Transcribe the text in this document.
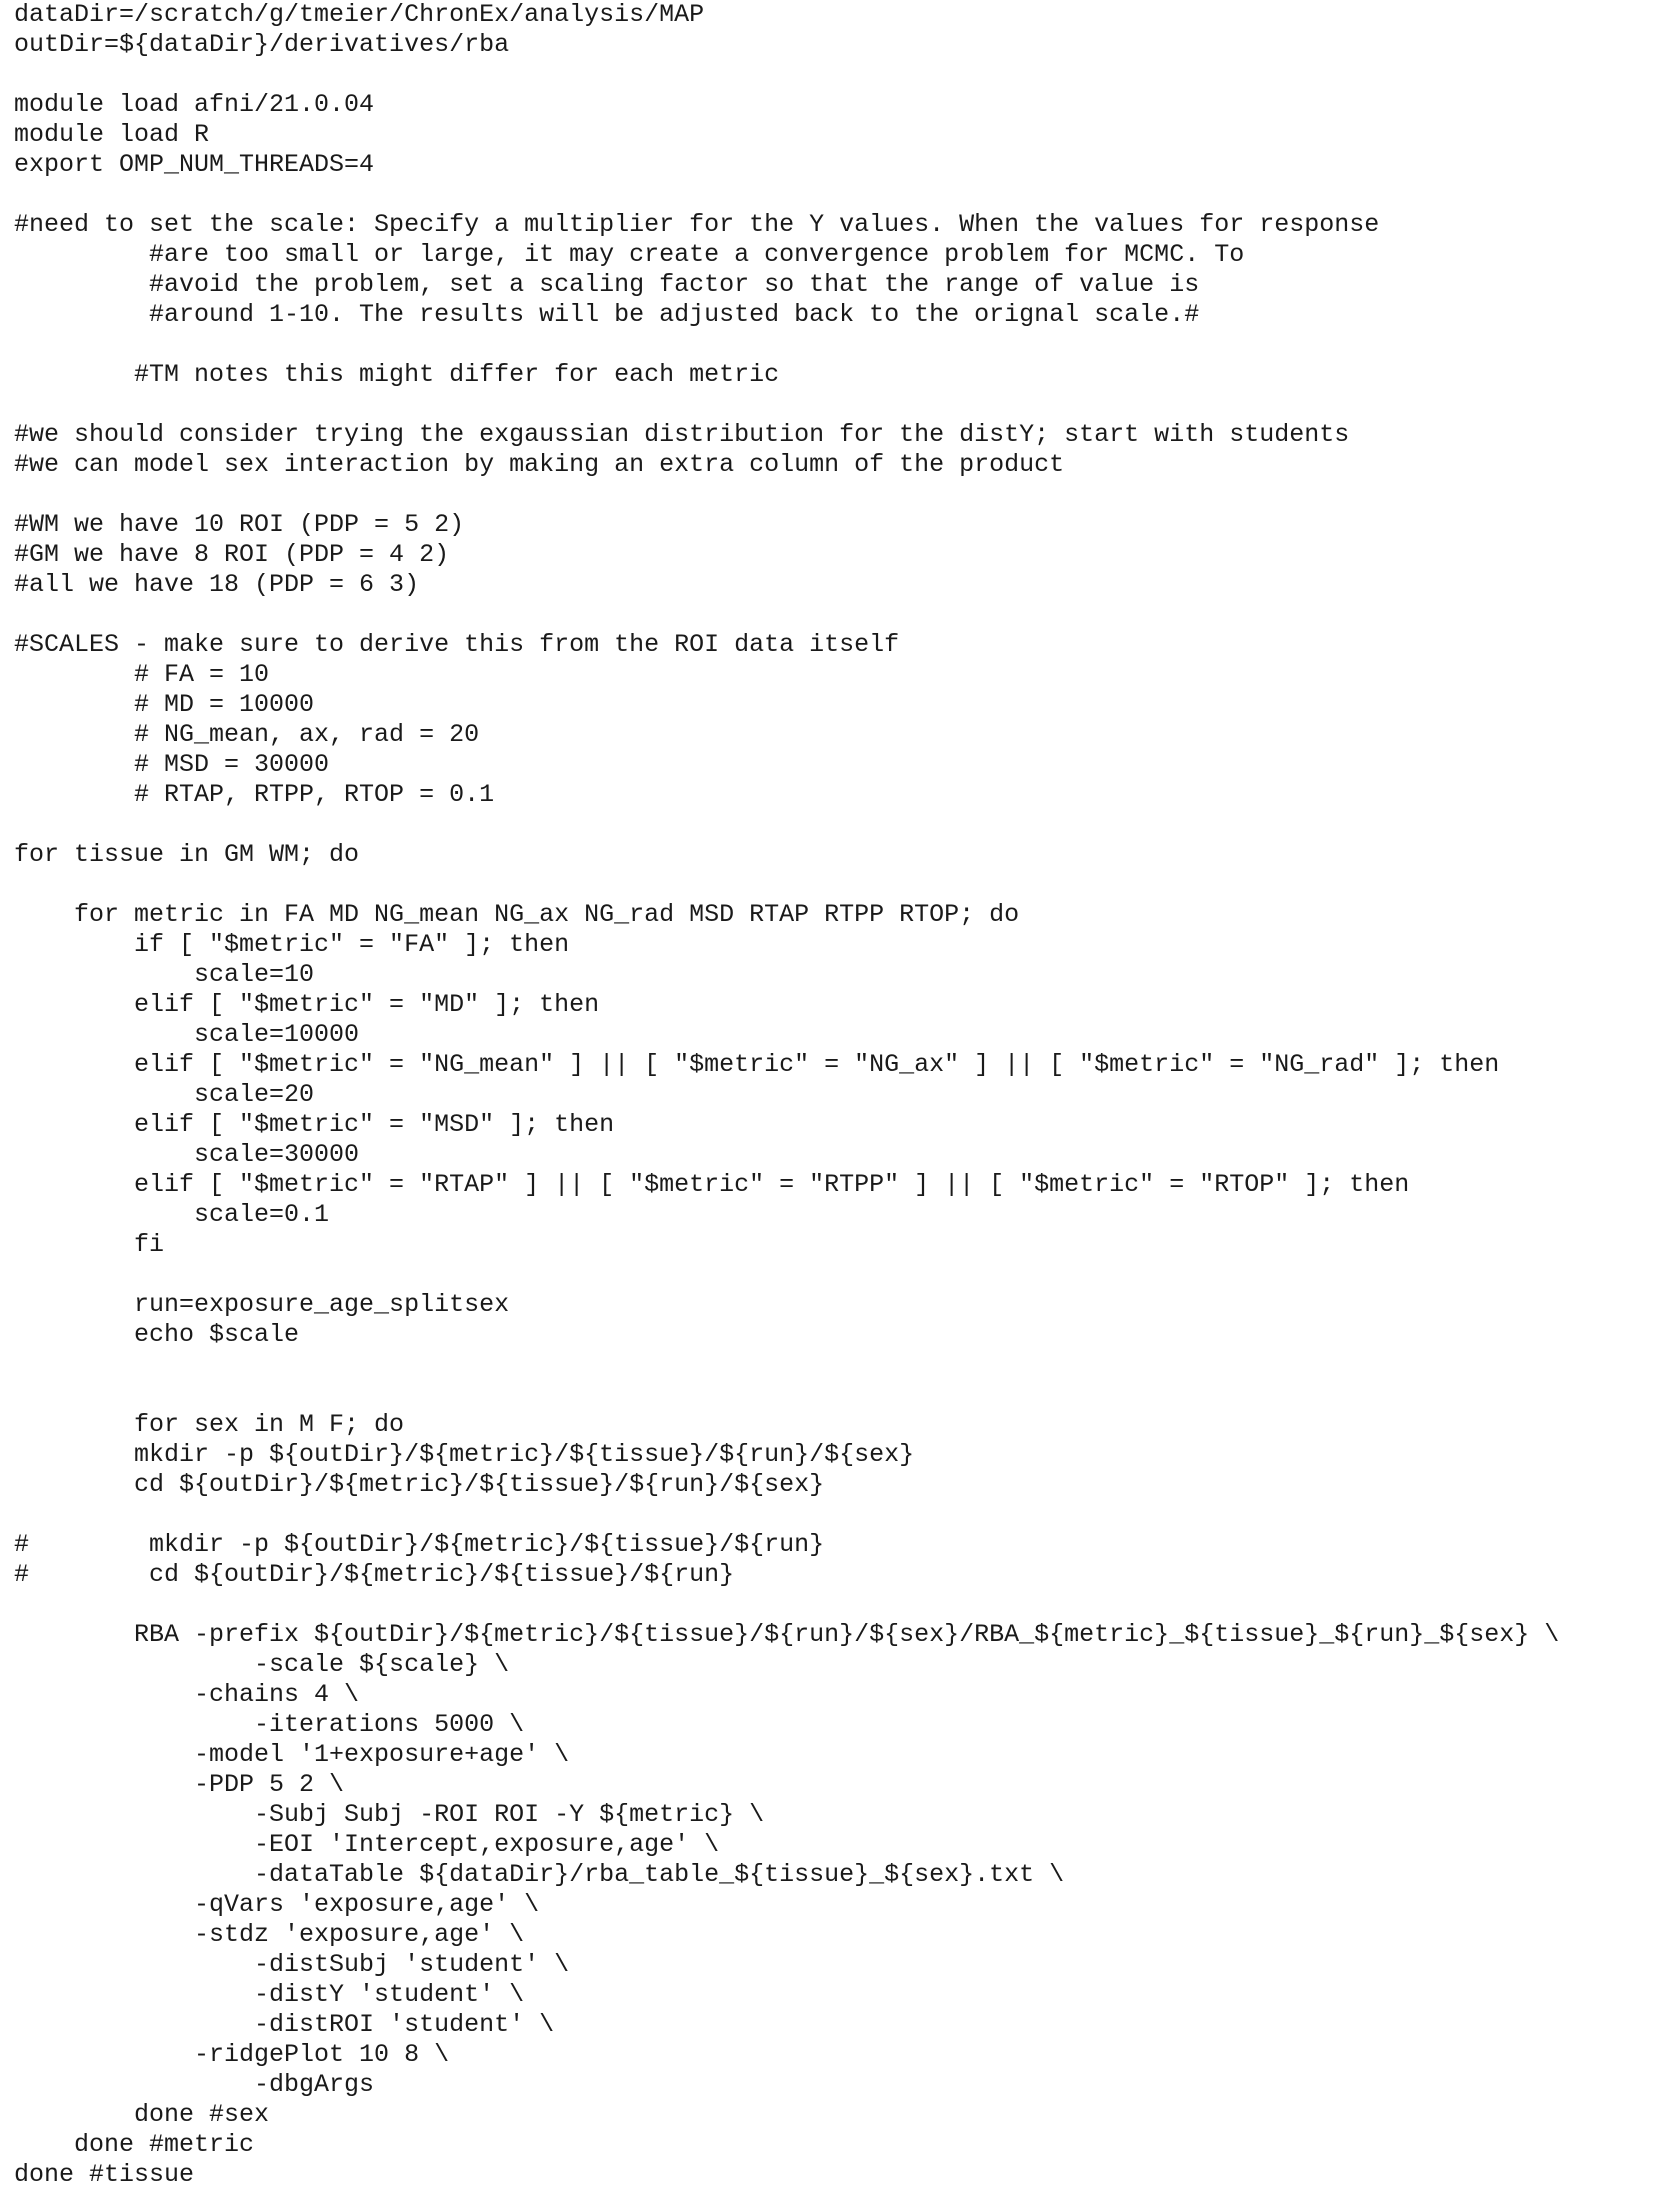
dataDir=/scratch/g/tmeier/ChronEx/analysis/MAP
outDir=${dataDir}/derivatives/rba

module load afni/21.0.04
module load R
export OMP_NUM_THREADS=4

#need to set the scale: Specify a multiplier for the Y values. When the values for response
#are too small or large, it may create a convergence problem for MCMC. To
#avoid the problem, set a scaling factor so that the range of value is
#around 1-10. The results will be adjusted back to the orignal scale.#

#TM notes this might differ for each metric

#we should consider trying the exgaussian distribution for the distY; start with students
#we can model sex interaction by making an extra column of the product

#WM we have 10 ROI (PDP = 5 2)
#GM we have 8 ROI (PDP = 4 2)
#all we have 18 (PDP = 6 3)

#SCALES - make sure to derive this from the ROI data itself
# FA = 10
# MD = 10000
# NG_mean, ax, rad = 20
# MSD = 30000
# RTAP, RTPP, RTOP = 0.1

for tissue in GM WM; do

for metric in FA MD NG_mean NG_ax NG_rad MSD RTAP RTPP RTOP; do
if [ "$metric" = "FA" ]; then
scale=10
elif [ "$metric" = "MD" ]; then
scale=10000
elif [ "$metric" = "NG_mean" ] || [ "$metric" = "NG_ax" ] || [ "$metric" = "NG_rad" ]; then
scale=20
elif [ "$metric" = "MSD" ]; then
scale=30000
elif [ "$metric" = "RTAP" ] || [ "$metric" = "RTPP" ] || [ "$metric" = "RTOP" ]; then
scale=0.1
fi

run=exposure_age_splitsex
echo $scale

for sex in M F; do
mkdir -p ${outDir}/${metric}/${tissue}/${run}/${sex}
cd ${outDir}/${metric}/${tissue}/${run}/${sex}

#        mkdir -p ${outDir}/${metric}/${tissue}/${run}
#        cd ${outDir}/${metric}/${tissue}/${run}

RBA -prefix ${outDir}/${metric}/${tissue}/${run}/${sex}/RBA_${metric}_${tissue}_${run}_${sex} \
-scale ${scale} \
-chains 4 \
-iterations 5000 \
-model '1+exposure+age' \
-PDP 5 2 \
-Subj Subj -ROI ROI -Y ${metric} \
-EOI 'Intercept,exposure,age' \
-dataTable ${dataDir}/rba_table_${tissue}_${sex}.txt \
-qVars 'exposure,age' \
-stdz 'exposure,age' \
-distSubj 'student' \
-distY 'student' \
-distROI 'student' \
-ridgePlot 10 8 \
-dbgArgs
done #sex
done #metric
done #tissue
